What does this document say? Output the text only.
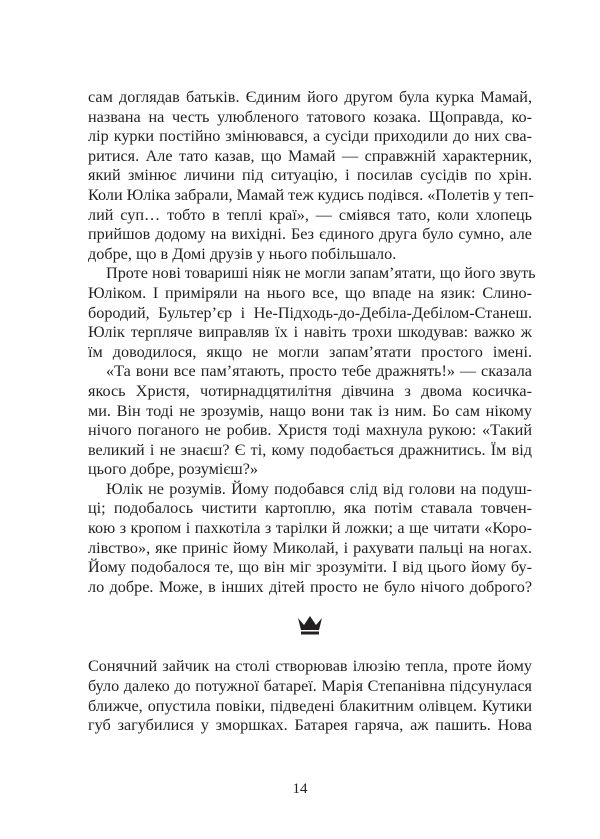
сам доглядав батьків. Єдиним його другом була курка Мамай,
названа на честь улюбленого татового козака. Щоправда, ко-
лір курки постійно змінювався, а сусіди приходили до них сва-
ритися. Але тато казав, що Мамай — справжній характерник,
який змінює личини під ситуацію, і посилав сусідів по хрін.
Коли Юліка забрали, Мамай теж кудись подівся. «Полетів у теп-
лий суп… тобто в теплі краї», — сміявся тато, коли хлопець
прийшов додому на вихідні. Без єдиного друга було сумно, але
добре, що в Домі друзів у нього побільшало.
Проте нові товариші ніяк не могли запам’ятати, що його звуть
Юліком. І приміряли на нього все, що впаде на язик: Слино-
бородий, Бультер’єр і Не-Підходь-до-Дебіла-Дебілом-Станеш.
Юлік терпляче виправляв їх і навіть трохи шкодував: важко ж
їм доводилося, якщо не могли запам’ятати простого імені.
«Та вони все пам’ятають, просто тебе дражнять!» — сказала
якось Христя, чотирнадцятилітня дівчина з двома косичка-
ми. Він тоді не зрозумів, нащо вони так із ним. Бо сам нікому
нічого поганого не робив. Христя тоді махнула рукою: «Такий
великий і не знаєш? Є ті, кому подобається дражнитись. Їм від
цього добре, розумієш?»
Юлік не розумів. Йому подобався слід від голови на подуш-
ці; подобалось чистити картоплю, яка потім ставала товчен-
кою з кропом і пахкотіла з тарілки й ложки; а ще читати «Коро-
лівство», яке приніс йому Миколай, і рахувати пальці на ногах.
Йому подобалося те, що він міг зрозуміти. І від цього йому бу-
ло добре. Може, в інших дітей просто не було нічого доброго?
Сонячний зайчик на столі створював ілюзію тепла, проте йому
було далеко до потужної батареї. Марія Степанівна підсунулася
ближче, опустила повіки, підведені блакитним олівцем. Кутики
губ загубилися у зморшках. Батарея гаряча, аж пашить. Нова
14
